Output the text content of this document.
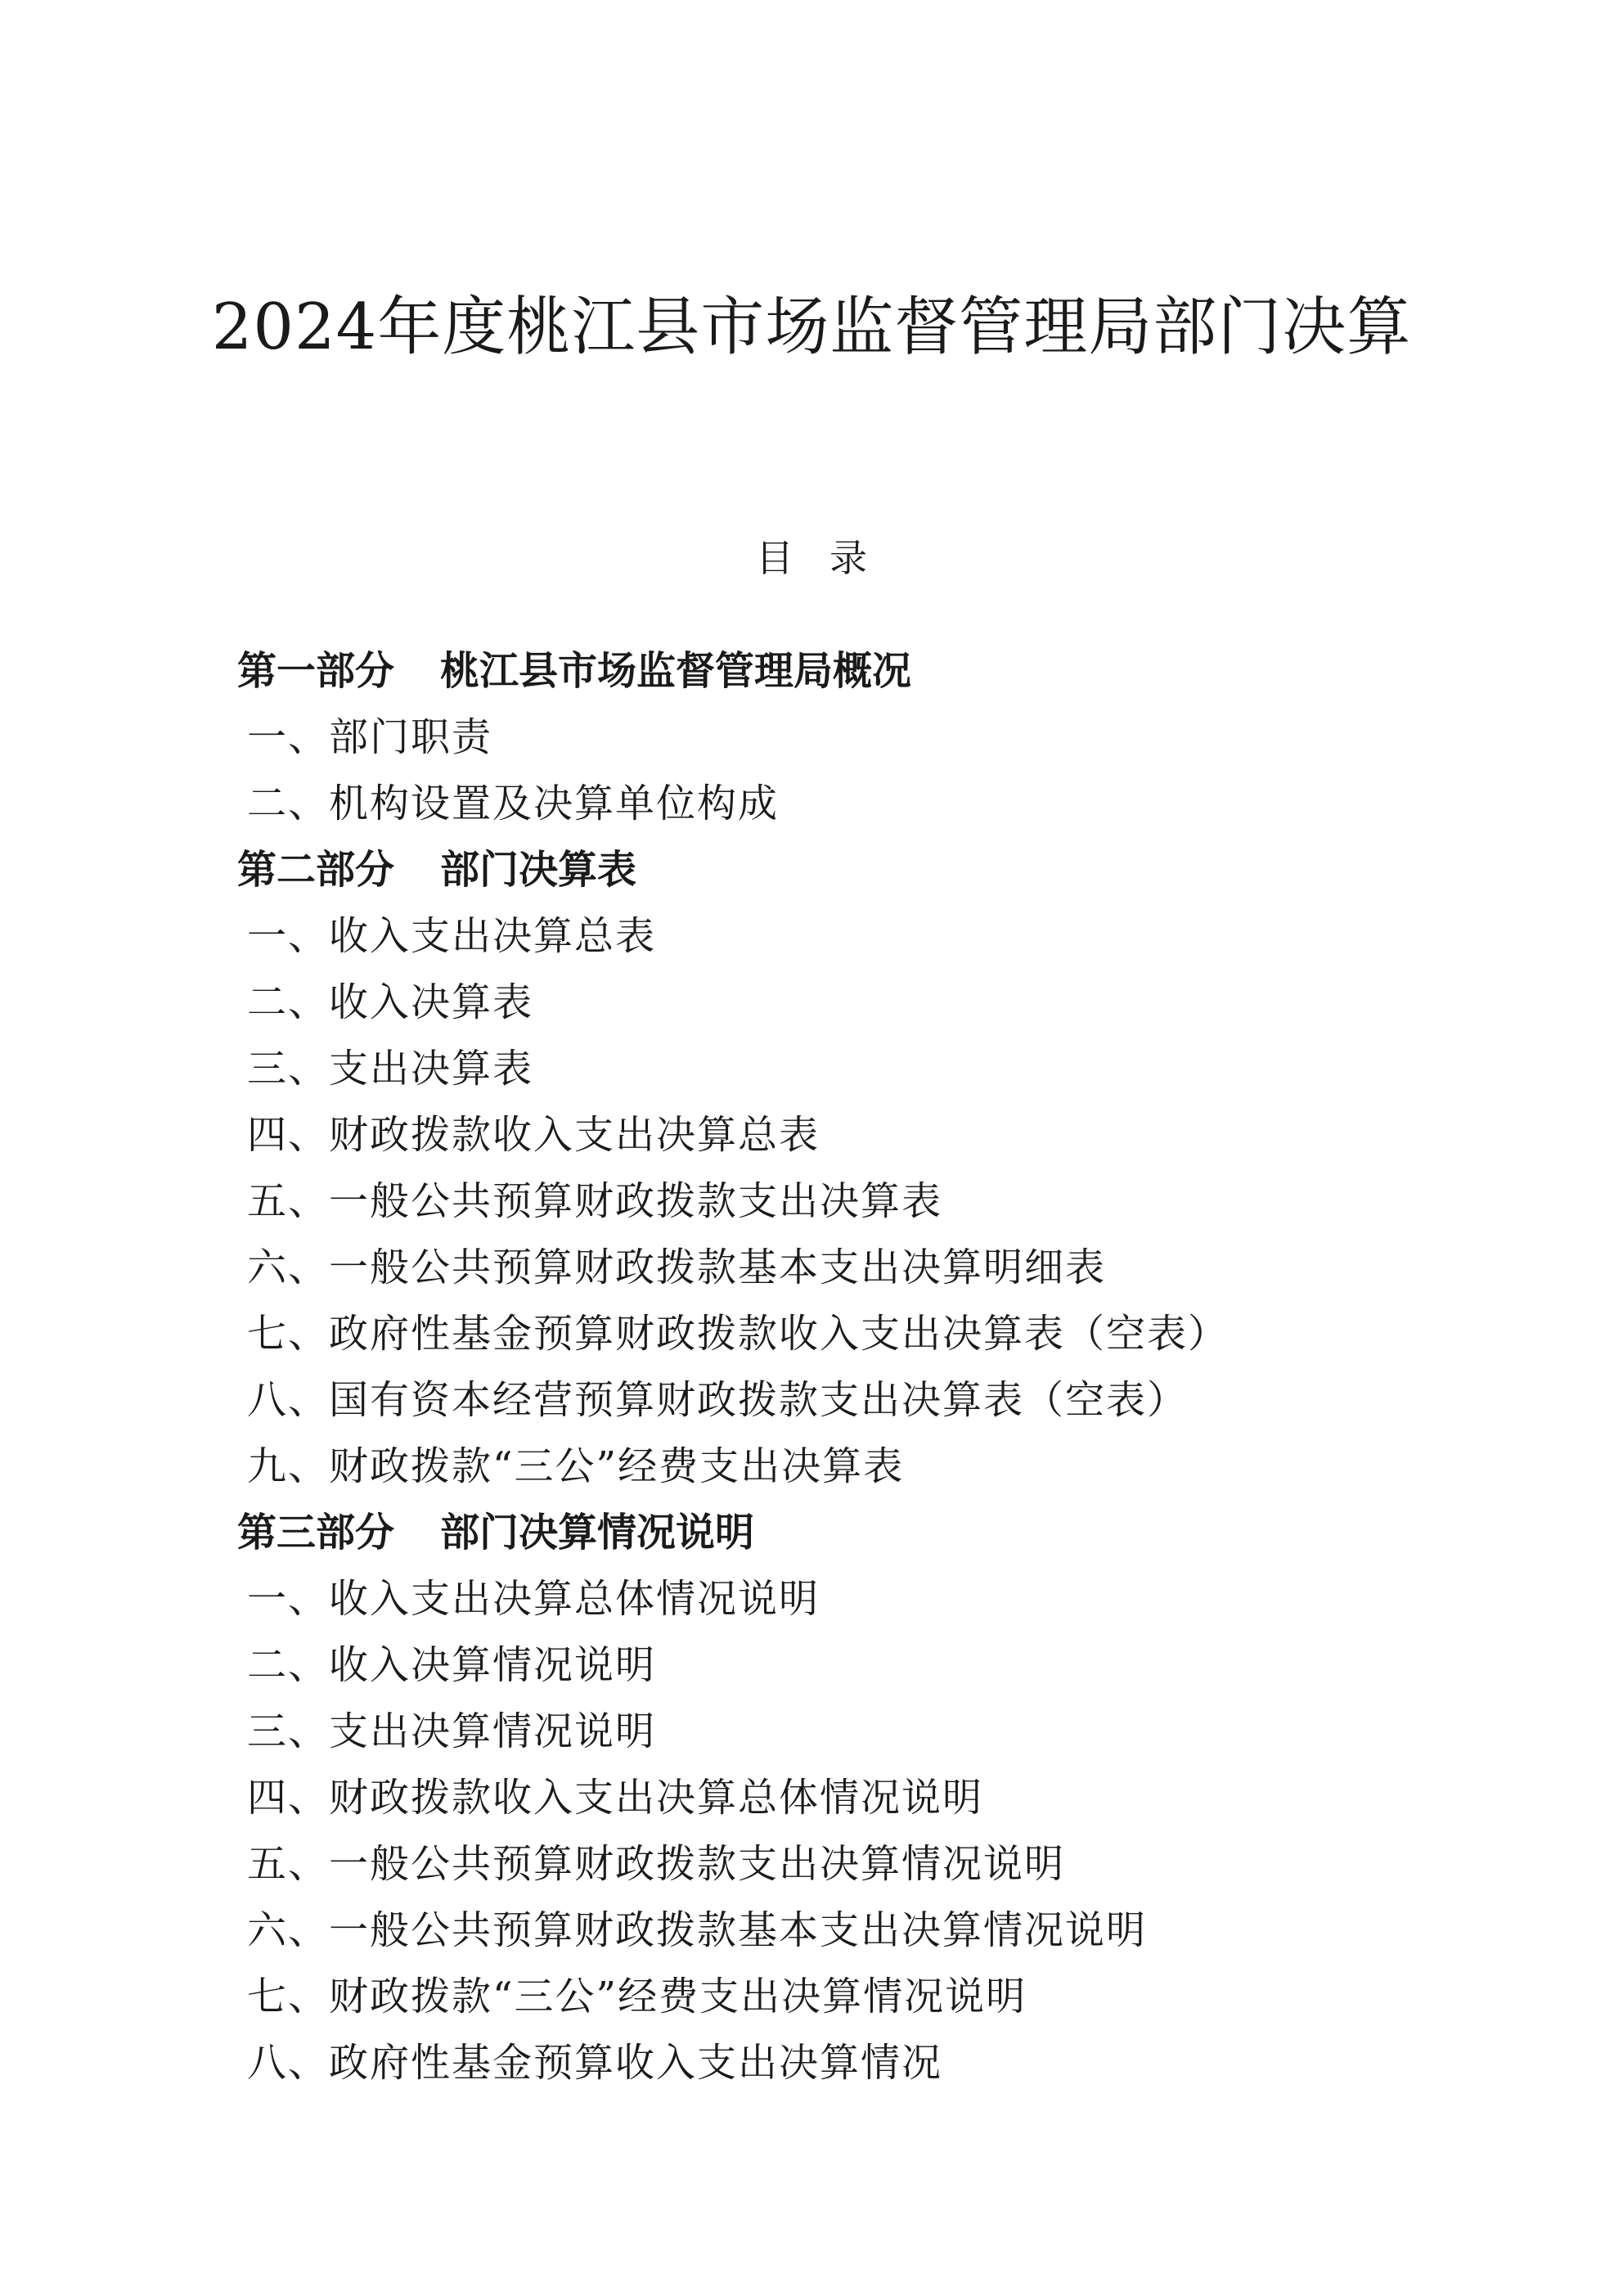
2024年度桃江县市场监督管理局部门决算
目 录
第一部分 桃江县市场监督管理局概况
一、部门职责
二、机构设置及决算单位构成
第二部分 部门决算表
一、收入支出决算总表
二、收入决算表
三、支出决算表
四、财政拨款收入支出决算总表
五、一般公共预算财政拨款支出决算表
六、一般公共预算财政拨款基本支出决算明细表
七、政府性基金预算财政拨款收入支出决算表（空表）
八、国有资本经营预算财政拨款支出决算表（空表）
九、财政拨款“三公”经费支出决算表
第三部分 部门决算情况说明
一、收入支出决算总体情况说明
二、收入决算情况说明
三、支出决算情况说明
四、财政拨款收入支出决算总体情况说明
五、一般公共预算财政拨款支出决算情况说明
六、一般公共预算财政拨款基本支出决算情况说明
七、财政拨款“三公”经费支出决算情况说明
八、政府性基金预算收入支出决算情况
